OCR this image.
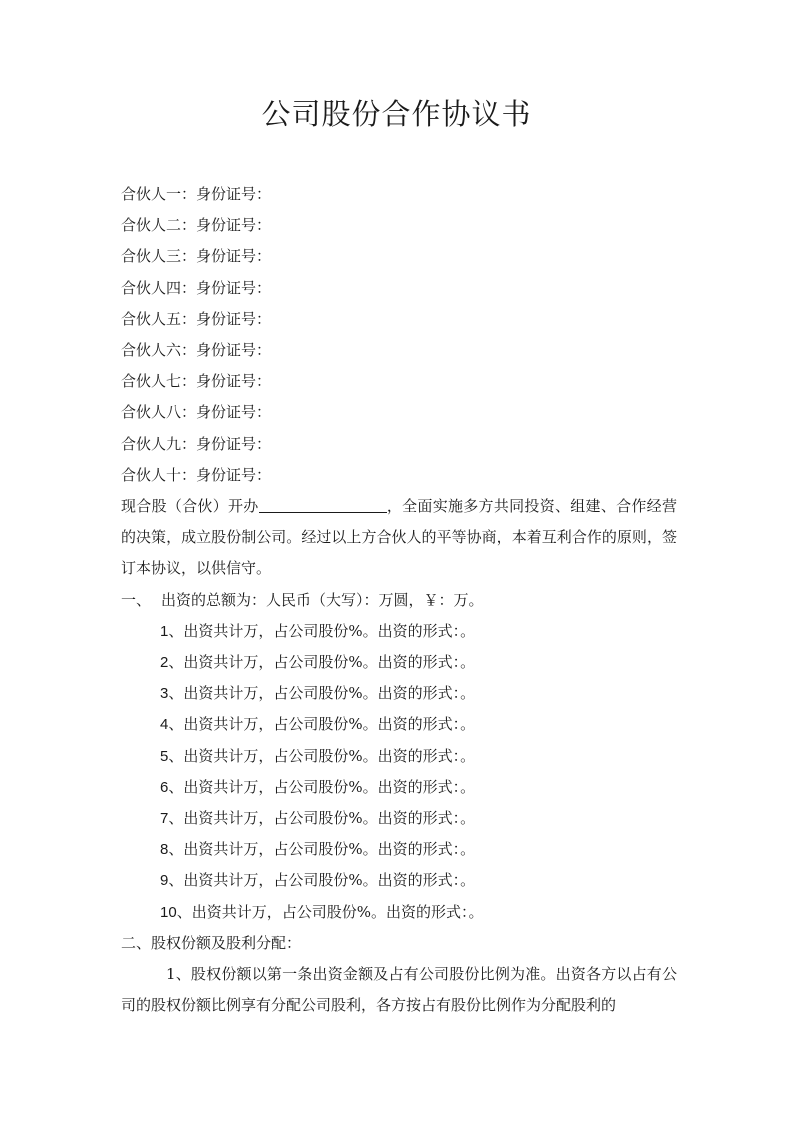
公司股份合作协议书

合伙人一：身份证号：

合伙人二：身份证号：

合伙人三：身份证号：

合伙人四：身份证号：

合伙人五：身份证号：

合伙人六：身份证号：

合伙人七：身份证号：

合伙人八：身份证号：

合伙人九：身份证号：

合伙人十：身份证号：

现合股（合伙）开办	，全面实施多方共同投资、组建、合作经营的决策，成立股份制公司。经过以上方合伙人的平等协商，本着互利合作的原则，签订本协议，以供信守。

一、 出资的总额为：人民币（大写）：万圆，￥：万。

1、出资共计万，占公司股份%。出资的形式：。

2、出资共计万，占公司股份%。出资的形式：。

3、出资共计万，占公司股份%。出资的形式：。

4、出资共计万，占公司股份%。出资的形式：。

5、出资共计万，占公司股份%。出资的形式：。

6、出资共计万，占公司股份%。出资的形式：。

7、出资共计万，占公司股份%。出资的形式：。

8、出资共计万，占公司股份%。出资的形式：。

9、出资共计万，占公司股份%。出资的形式：。

10、出资共计万，占公司股份%。出资的形式：。

二、股权份额及股利分配：

1、股权份额以第一条出资金额及占有公司股份比例为准。出资各方以占有公司的股权份额比例享有分配公司股利，各方按占有股份比例作为分配股利的
